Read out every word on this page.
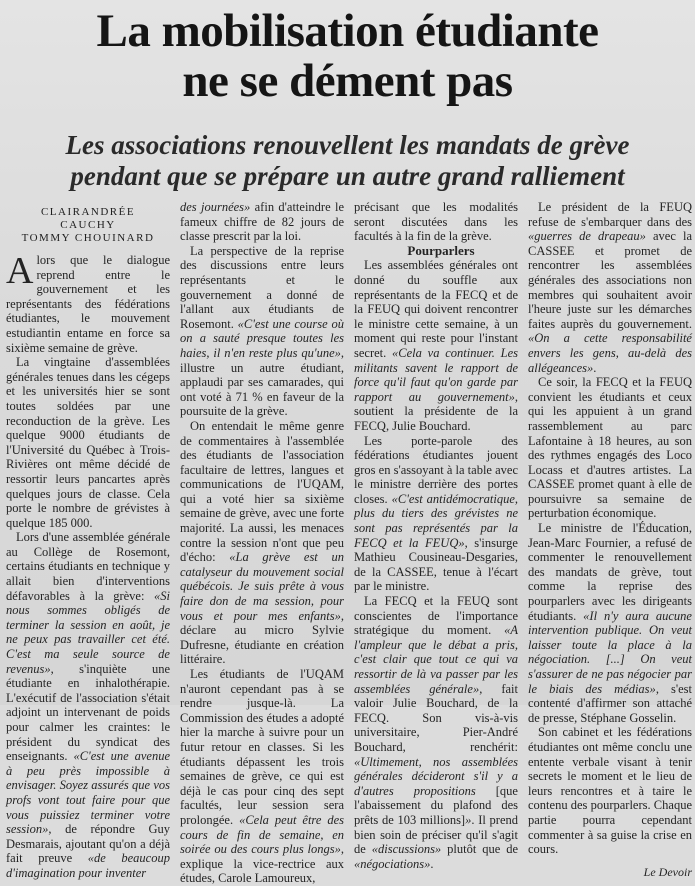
La mobilisation étudiante
ne se dément pas
Les associations renouvellent les mandats de grève
pendant que se prépare un autre grand ralliement
CLAIRANDRÉE
CAUCHY
TOMMY CHOUINARD

Alors que le dialogue reprend entre le gouvernement et les représentants des fédérations étudiantes, le mouvement estudiantin entame en force sa sixième semaine de grève.

La vingtaine d'assemblées générales tenues dans les cégeps et les universités hier se sont toutes soldées par une reconduction de la grève. Les quelque 9000 étudiants de l'Université du Québec à Trois-Rivières ont même décidé de ressortir leurs pancartes après quelques jours de classe. Cela porte le nombre de grévistes à quelque 185 000.

Lors d'une assemblée générale au Collège de Rosemont, certains étudiants en technique y allait bien d'interventions défavorables à la grève: «Si nous sommes obligés de terminer la session en août, je ne peux pas travailler cet été. C'est ma seule source de revenus», s'inquiète une étudiante en inhalothérapie. L'exécutif de l'association s'était adjoint un intervenant de poids pour calmer les craintes: le président du syndicat des enseignants. «C'est une avenue à peu près impossible à envisager. Soyez assurés que vos profs vont tout faire pour que vous puissiez terminer votre session», de répondre Guy Desmarais, ajoutant qu'on a déjà fait preuve «de beaucoup d'imagination pour inventer

des journées» afin d'atteindre le fameux chiffre de 82 jours de classe prescrit par la loi.

La perspective de la reprise des discussions entre leurs représentants et le gouvernement a donné de l'allant aux étudiants de Rosemont. «C'est une course où on a sauté presque toutes les haies, il n'en reste plus qu'une», illustre un autre étudiant, applaudi par ses camarades, qui ont voté à 71 % en faveur de la poursuite de la grève.

On entendait le même genre de commentaires à l'assemblée des étudiants de l'association facultaire de lettres, langues et communications de l'UQAM, qui a voté hier sa sixième semaine de grève, avec une forte majorité. La aussi, les menaces contre la session n'ont que peu d'écho: «La grève est un catalyseur du mouvement social québécois. Je suis prête à vous faire don de ma session, pour vous et pour mes enfants», déclare au micro Sylvie Dufresne, étudiante en création littéraire.

Les étudiants de l'UQAM n'auront cependant pas à se rendre jusque-là. La Commission des études a adopté hier la marche à suivre pour un futur retour en classes. Si les étudiants dépassent les trois semaines de grève, ce qui est déjà le cas pour cinq des sept facultés, leur session sera prolongée. «Cela peut être des cours de fin de semaine, en soirée ou des cours plus longs», explique la vice-rectrice aux études, Carole Lamoureux,

précisant que les modalités seront discutées dans les facultés à la fin de la grève.

Pourparlers

Les assemblées générales ont donné du souffle aux représentants de la FECQ et de la FEUQ qui doivent rencontrer le ministre cette semaine, à un moment qui reste pour l'instant secret. «Cela va continuer. Les militants savent le rapport de force qu'il faut qu'on garde par rapport au gouvernement», soutient la présidente de la FECQ, Julie Bouchard.

Les porte-parole des fédérations étudiantes jouent gros en s'assoyant à la table avec le ministre derrière des portes closes. «C'est antidémocratique, plus du tiers des grévistes ne sont pas représentés par la FECQ et la FEUQ», s'insurge Mathieu Cousineau-Desgaries, de la CASSEE, tenue à l'écart par le ministre.

La FECQ et la FEUQ sont conscientes de l'importance stratégique du moment. «A l'ampleur que le débat a pris, c'est clair que tout ce qui va ressortir de là va passer par les assemblées générale», fait valoir Julie Bouchard, de la FECQ. Son vis-à-vis universitaire, Pier-André Bouchard, renchérit: «Ultimement, nos assemblées générales décideront s'il y a d'autres propositions [que l'abaissement du plafond des prêts de 103 millions]». Il prend bien soin de préciser qu'il s'agit de «discussions» plutôt que de «négociations».

Le président de la FEUQ refuse de s'embarquer dans des «guerres de drapeau» avec la CASSEE et promet de rencontrer les assemblées générales des associations non membres qui souhaitent avoir l'heure juste sur les démarches faites auprès du gouvernement. «On a cette responsabilité envers les gens, au-delà des allégeances».

Ce soir, la FECQ et la FEUQ convient les étudiants et ceux qui les appuient à un grand rassemblement au parc Lafontaine à 18 heures, au son des rythmes engagés des Loco Locass et d'autres artistes. La CASSEE promet quant à elle de poursuivre sa semaine de perturbation économique.

Le ministre de l'Éducation, Jean-Marc Fournier, a refusé de commenter le renouvellement des mandats de grève, tout comme la reprise des pourparlers avec les dirigeants étudiants. «Il n'y aura aucune intervention publique. On veut laisser toute la place à la négociation. [...] On veut s'assurer de ne pas négocier par le biais des médias», s'est contenté d'affirmer son attaché de presse, Stéphane Gosselin.

Son cabinet et les fédérations étudiantes ont même conclu une entente verbale visant à tenir secrets le moment et le lieu de leurs rencontres et à taire le contenu des pourparlers. Chaque partie pourra cependant commenter à sa guise la crise en cours.

Le Devoir
